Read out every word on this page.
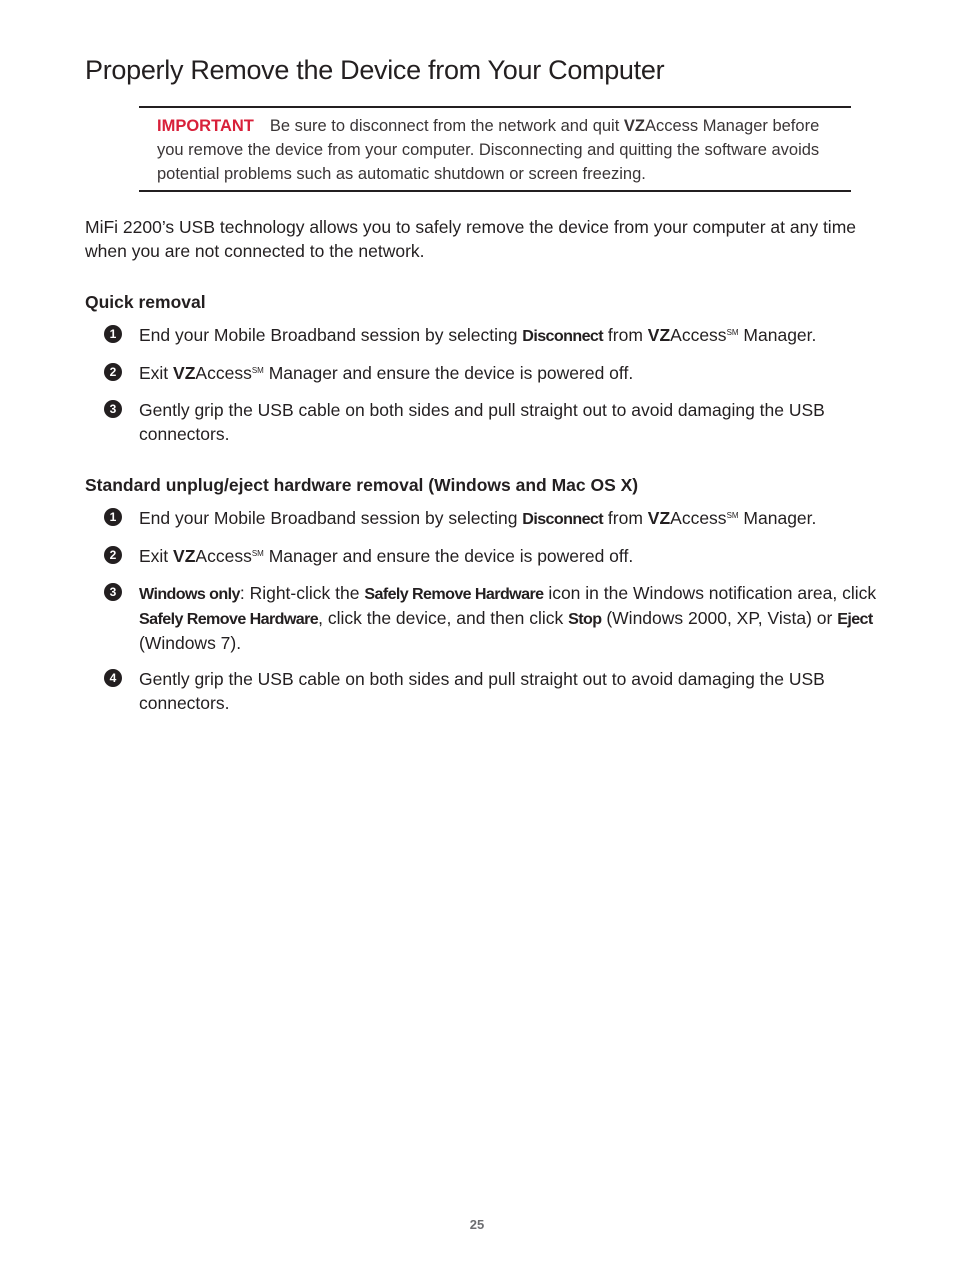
Properly Remove the Device from Your Computer
IMPORTANT Be sure to disconnect from the network and quit VZAccess Manager before you remove the device from your computer. Disconnecting and quitting the software avoids potential problems such as automatic shutdown or screen freezing.

MiFi 2200’s USB technology allows you to safely remove the device from your computer at any time when you are not connected to the network.

Quick removal
1	End your Mobile Broadband session by selecting Disconnect from VZAccess℠ Manager.
2	Exit VZAccess℠ Manager and ensure the device is powered off.
3	Gently grip the USB cable on both sides and pull straight out to avoid damaging the USB connectors.
Standard unplug/eject hardware removal (Windows and Mac OS X)
1	End your Mobile Broadband session by selecting Disconnect from VZAccess℠ Manager.
2	Exit VZAccess℠ Manager and ensure the device is powered off.
3	Windows only: Right-click the Safely Remove Hardware icon in the Windows notification area, click Safely Remove Hardware, click the device, and then click Stop (Windows 2000, XP, Vista) or Eject (Windows 7).
4	Gently grip the USB cable on both sides and pull straight out to avoid damaging the USB connectors.
25
